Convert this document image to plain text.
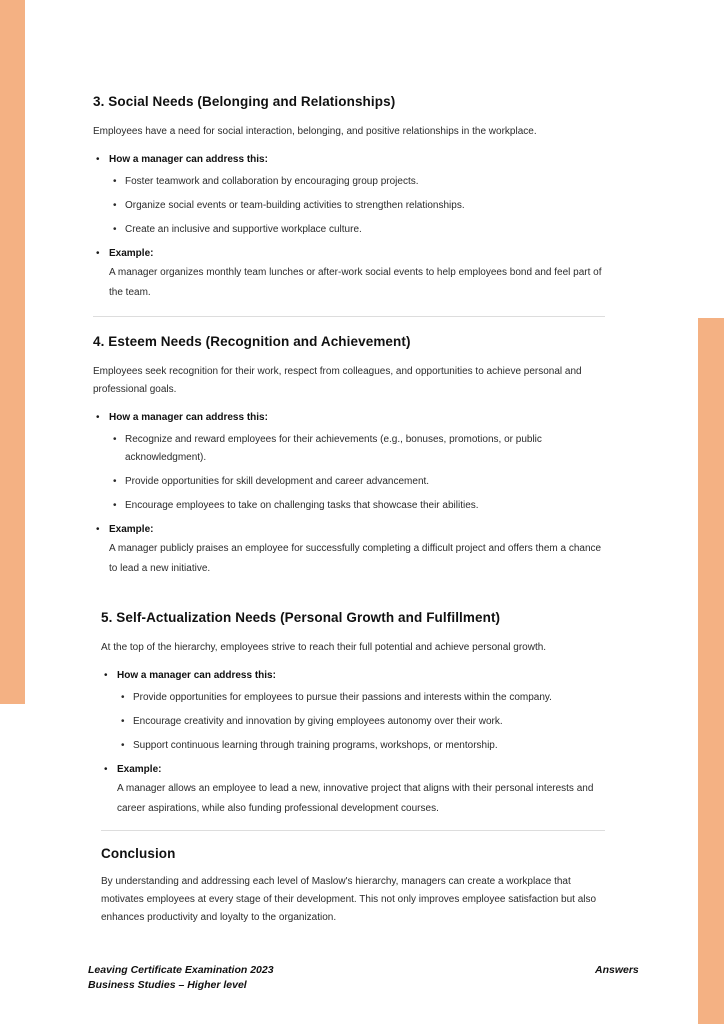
3. Social Needs (Belonging and Relationships)

Employees have a need for social interaction, belonging, and positive relationships in the workplace.

• How a manager can address this:
• Foster teamwork and collaboration by encouraging group projects.
• Organize social events or team-building activities to strengthen relationships.
• Create an inclusive and supportive workplace culture.
• Example:
A manager organizes monthly team lunches or after-work social events to help employees bond and feel part of the team.
4. Esteem Needs (Recognition and Achievement)

Employees seek recognition for their work, respect from colleagues, and opportunities to achieve personal and professional goals.

• How a manager can address this:
• Recognize and reward employees for their achievements (e.g., bonuses, promotions, or public acknowledgment).
• Provide opportunities for skill development and career advancement.
• Encourage employees to take on challenging tasks that showcase their abilities.
• Example:
A manager publicly praises an employee for successfully completing a difficult project and offers them a chance to lead a new initiative.
5. Self-Actualization Needs (Personal Growth and Fulfillment)

At the top of the hierarchy, employees strive to reach their full potential and achieve personal growth.

• How a manager can address this:
• Provide opportunities for employees to pursue their passions and interests within the company.
• Encourage creativity and innovation by giving employees autonomy over their work.
• Support continuous learning through training programs, workshops, or mentorship.
• Example:
A manager allows an employee to lead a new, innovative project that aligns with their personal interests and career aspirations, while also funding professional development courses.
Conclusion

By understanding and addressing each level of Maslow's hierarchy, managers can create a workplace that motivates employees at every stage of their development. This not only improves employee satisfaction but also enhances productivity and loyalty to the organization.

Leaving Certificate Examination 2023
Business Studies – Higher level
Answers
